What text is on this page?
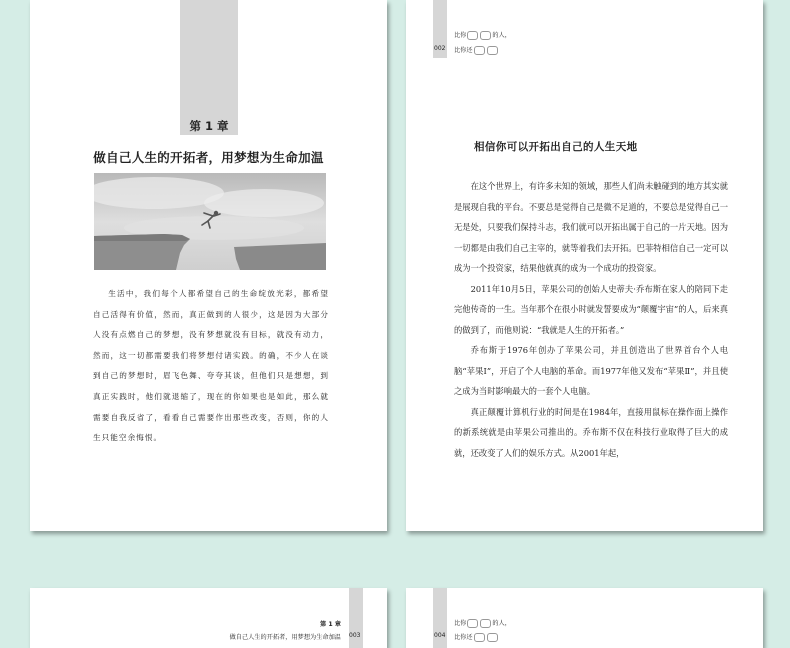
第 1 章
做自己人生的开拓者，用梦想为生命加温

生活中，我们每个人都希望自己的生命绽放光彩，都希望自己活得有价值，然而，真正做到的人很少，这是因为大部分人没有点燃自己的梦想，没有梦想就没有目标，就没有动力，然而，这一切都需要我们将梦想付诸实践。的确，不少人在谈到自己的梦想时，眉飞色舞、夸夸其谈，但他们只是想想，到真正实践时，他们就退缩了，现在的你如果也是如此，那么就需要自我反省了，看看自己需要作出那些改变，否则，你的人生只能空余悔恨。

比你	的人，
002 比你还
相信你可以开拓出自己的人生天地

在这个世界上，有许多未知的领域，那些人们尚未触碰到的地方其实就是展现自我的平台。不要总是觉得自己是微不足道的，不要总是觉得自己一无是处，只要我们保持斗志，我们就可以开拓出属于自己的一片天地。因为一切都是由我们自己主宰的，就等着我们去开拓。巴菲特相信自己一定可以成为一个投资家，结果他就真的成为一个成功的投资家。

2011年10月5日，苹果公司的创始人史蒂夫·乔布斯在家人的陪同下走完他传奇的一生。当年那个在很小时就发誓要成为“颠覆宇宙”的人，后来真的做到了，而他则说：“我就是人生的开拓者。”

乔布斯于1976年创办了苹果公司，并且创造出了世界首台个人电脑“苹果Ⅰ”，开启了个人电脑的革命。而1977年他又发布“苹果Ⅱ”，并且使之成为当时影响最大的一套个人电脑。

真正颠覆计算机行业的时间是在1984年，直接用鼠标在操作面上操作的新系统就是由苹果公司推出的。乔布斯不仅在科技行业取得了巨大的成就，还改变了人们的娱乐方式。从2001年起，

第 1 章
做自己人生的开拓者，用梦想为生命加温 003
比你	的人，
004 比你还
